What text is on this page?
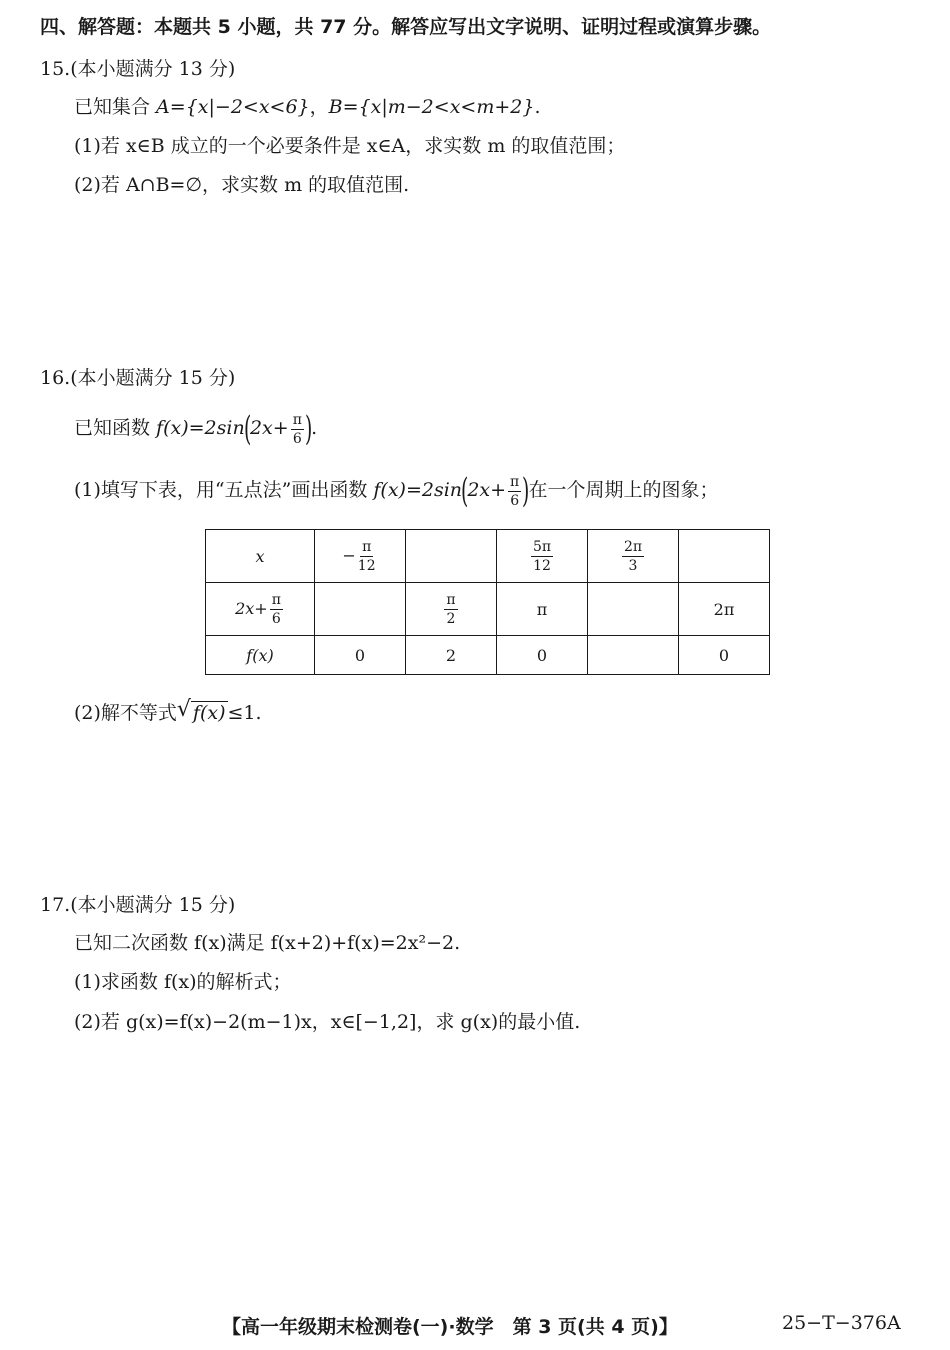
四、解答题：本题共 5 小题，共 77 分。解答应写出文字说明、证明过程或演算步骤。
15.(本小题满分 13 分)
已知集合 A={x|−2<x<6}，B={x|m−2<x<m+2}.
(1)若 x∈B 成立的一个必要条件是 x∈A，求实数 m 的取值范围；
(2)若 A∩B=∅，求实数 m 的取值范围.
16.(本小题满分 15 分)
已知函数 $f(x)=2\sin(2x+ \frac{\pi}{6}$ ).
(1)填写下表，用“五点法”画出函数 $f(x)=2\sin(2x+ \frac{\pi}{6}$ )在一个周期上的图象；
x	− $\frac{\pi}{12}$		$\frac{5\pi}{12}$	$\frac{2\pi}{3}$

$2x+ \frac{\pi}{6}$		$\frac{\pi}{2}$	π		2π
f(x)	0	2	0		0
(2)解不等式 √ f(x) ≤1.
17.(本小题满分 15 分)
已知二次函数 f(x)满足 f(x+2)+f(x)=2x²−2.
(1)求函数 f(x)的解析式；
(2)若 g(x)=f(x)−2(m−1)x，x∈[−1,2]，求 g(x)的最小值.
【高一年级期末检测卷(一)·数学　第 3 页(共 4 页)】	25−T−376A
